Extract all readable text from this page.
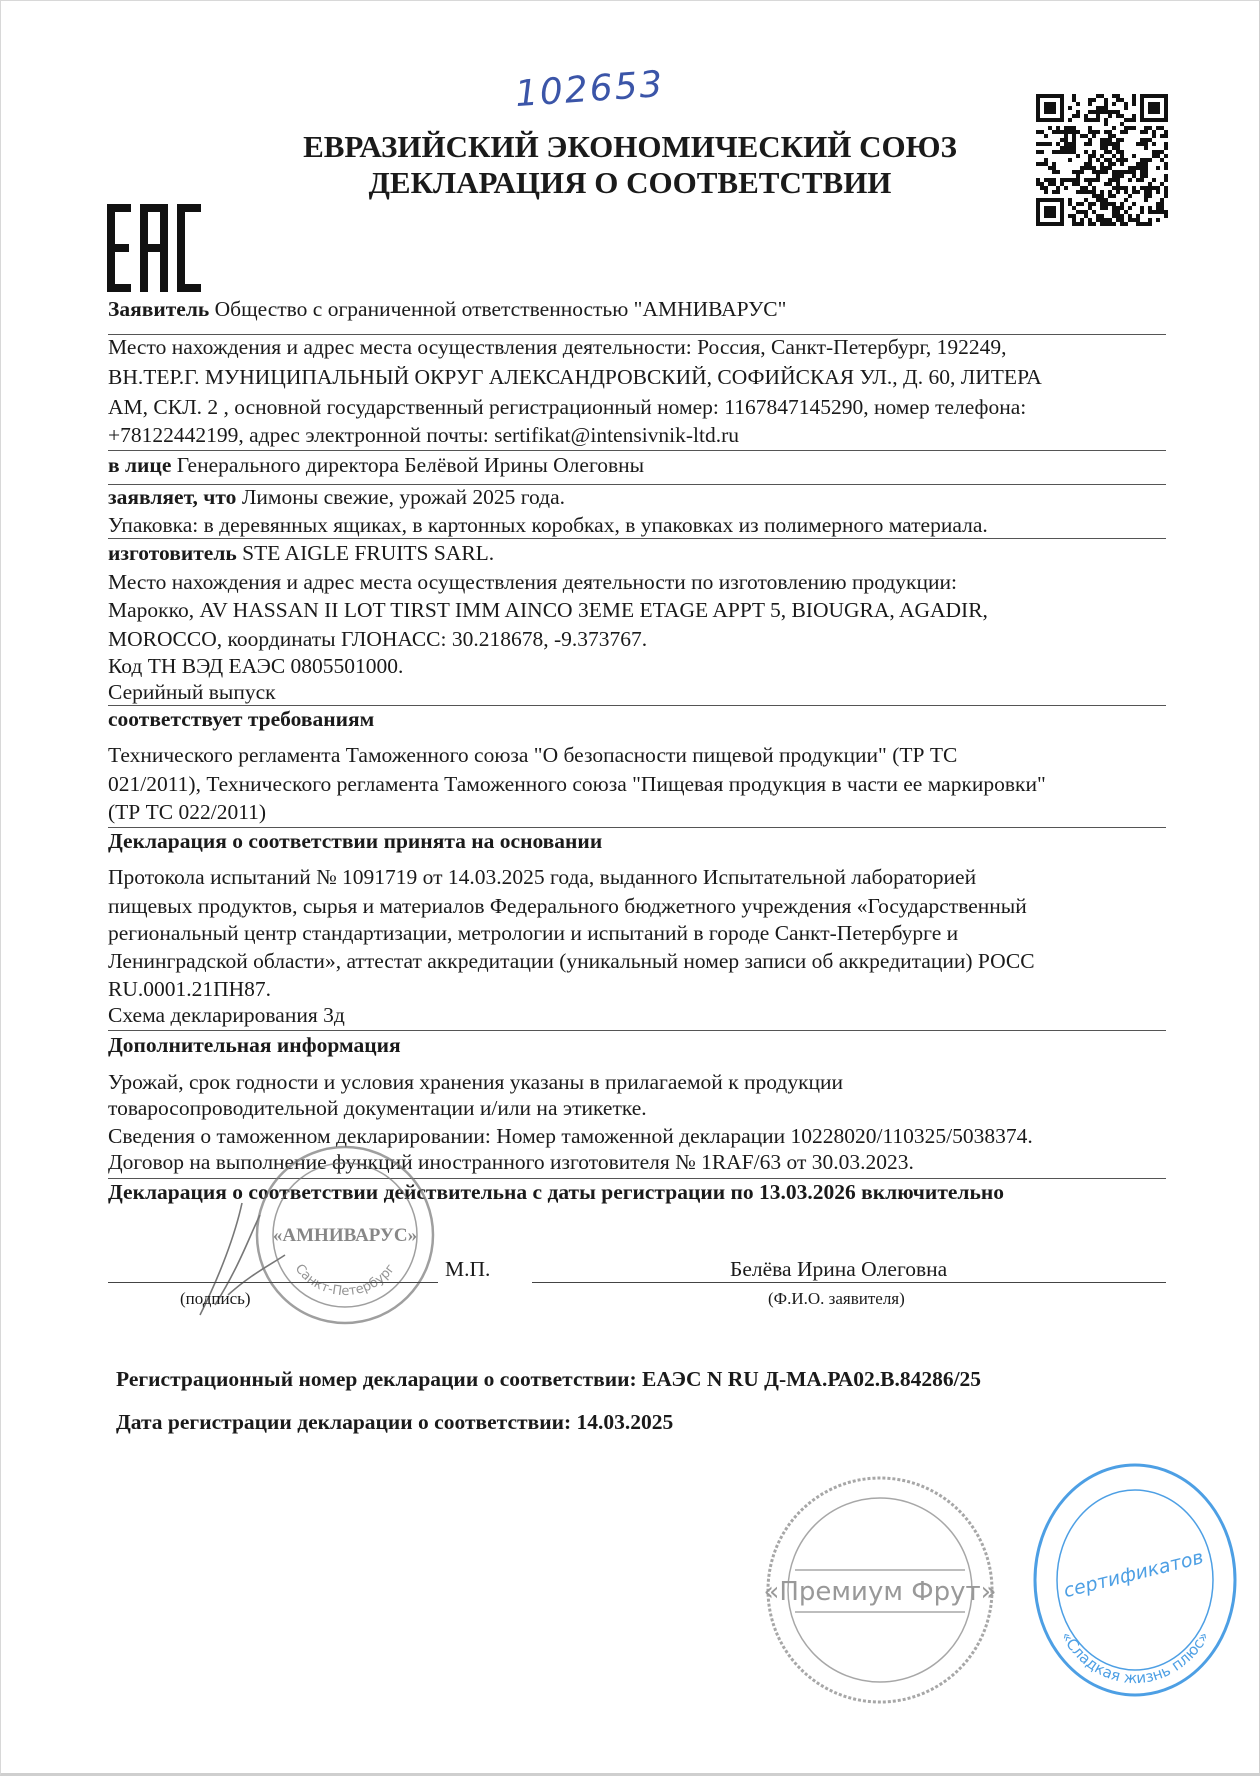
102653
ЕВРАЗИЙСКИЙ ЭКОНОМИЧЕСКИЙ СОЮЗ
ДЕКЛАРАЦИЯ О СООТВЕТСТВИИ
Заявитель Общество с ограниченной ответственностью "АМНИВАРУС"
Место нахождения и адрес места осуществления деятельности: Россия, Санкт-Петербург, 192249,
ВН.ТЕР.Г. МУНИЦИПАЛЬНЫЙ ОКРУГ АЛЕКСАНДРОВСКИЙ, СОФИЙСКАЯ УЛ., Д. 60, ЛИТЕРА
АМ, СКЛ. 2 , основной государственный регистрационный номер: 1167847145290, номер телефона:
+78122442199, адрес электронной почты: sertifikat@intensivnik-ltd.ru
в лице Генерального директора Белёвой Ирины Олеговны
заявляет, что Лимоны свежие, урожай 2025 года.
Упаковка: в деревянных ящиках, в картонных коробках, в упаковках из полимерного материала.
изготовитель STE AIGLE FRUITS SARL.
Место нахождения и адрес места осуществления деятельности по изготовлению продукции:
Марокко, AV HASSAN II LOT TIRST IMM AINCO 3EME ETAGE APPT 5, BIOUGRA, AGADIR,
MOROCCO, координаты ГЛОНАСС: 30.218678, -9.373767.
Код ТН ВЭД ЕАЭС 0805501000.
Серийный выпуск
соответствует требованиям
Технического регламента Таможенного союза "О безопасности пищевой продукции" (ТР ТС
021/2011), Технического регламента Таможенного союза "Пищевая продукция в части ее маркировки"
(ТР ТС 022/2011)
Декларация о соответствии принята на основании
Протокола испытаний № 1091719 от 14.03.2025 года, выданного Испытательной лабораторией
пищевых продуктов, сырья и материалов Федерального бюджетного учреждения «Государственный
региональный центр стандартизации, метрологии и испытаний в городе Санкт-Петербурге и
Ленинградской области», аттестат аккредитации (уникальный номер записи об аккредитации) РОСС
RU.0001.21ПН87.
Схема декларирования 3д
Дополнительная информация
Урожай, срок годности и условия хранения указаны в прилагаемой к продукции
товаросопроводительной документации и/или на этикетке.
Сведения о таможенном декларировании: Номер таможенной декларации 10228020/110325/5038374.
Договор на выполнение функций иностранного изготовителя № 1RAF/63 от 30.03.2023.
Декларация о соответствии действительна с даты регистрации по 13.03.2026 включительно
Санкт-Петербург
«АМНИВАРУС»
М.П.	Белёва Ирина Олеговна
(подпись)	(Ф.И.О. заявителя)
Регистрационный номер декларации о соответствии: ЕАЭС N RU Д-МА.РА02.В.84286/25
Дата регистрации декларации о соответствии: 14.03.2025
«Премиум Фрут»
«Сладкая жизнь плюс»
сертификатов
